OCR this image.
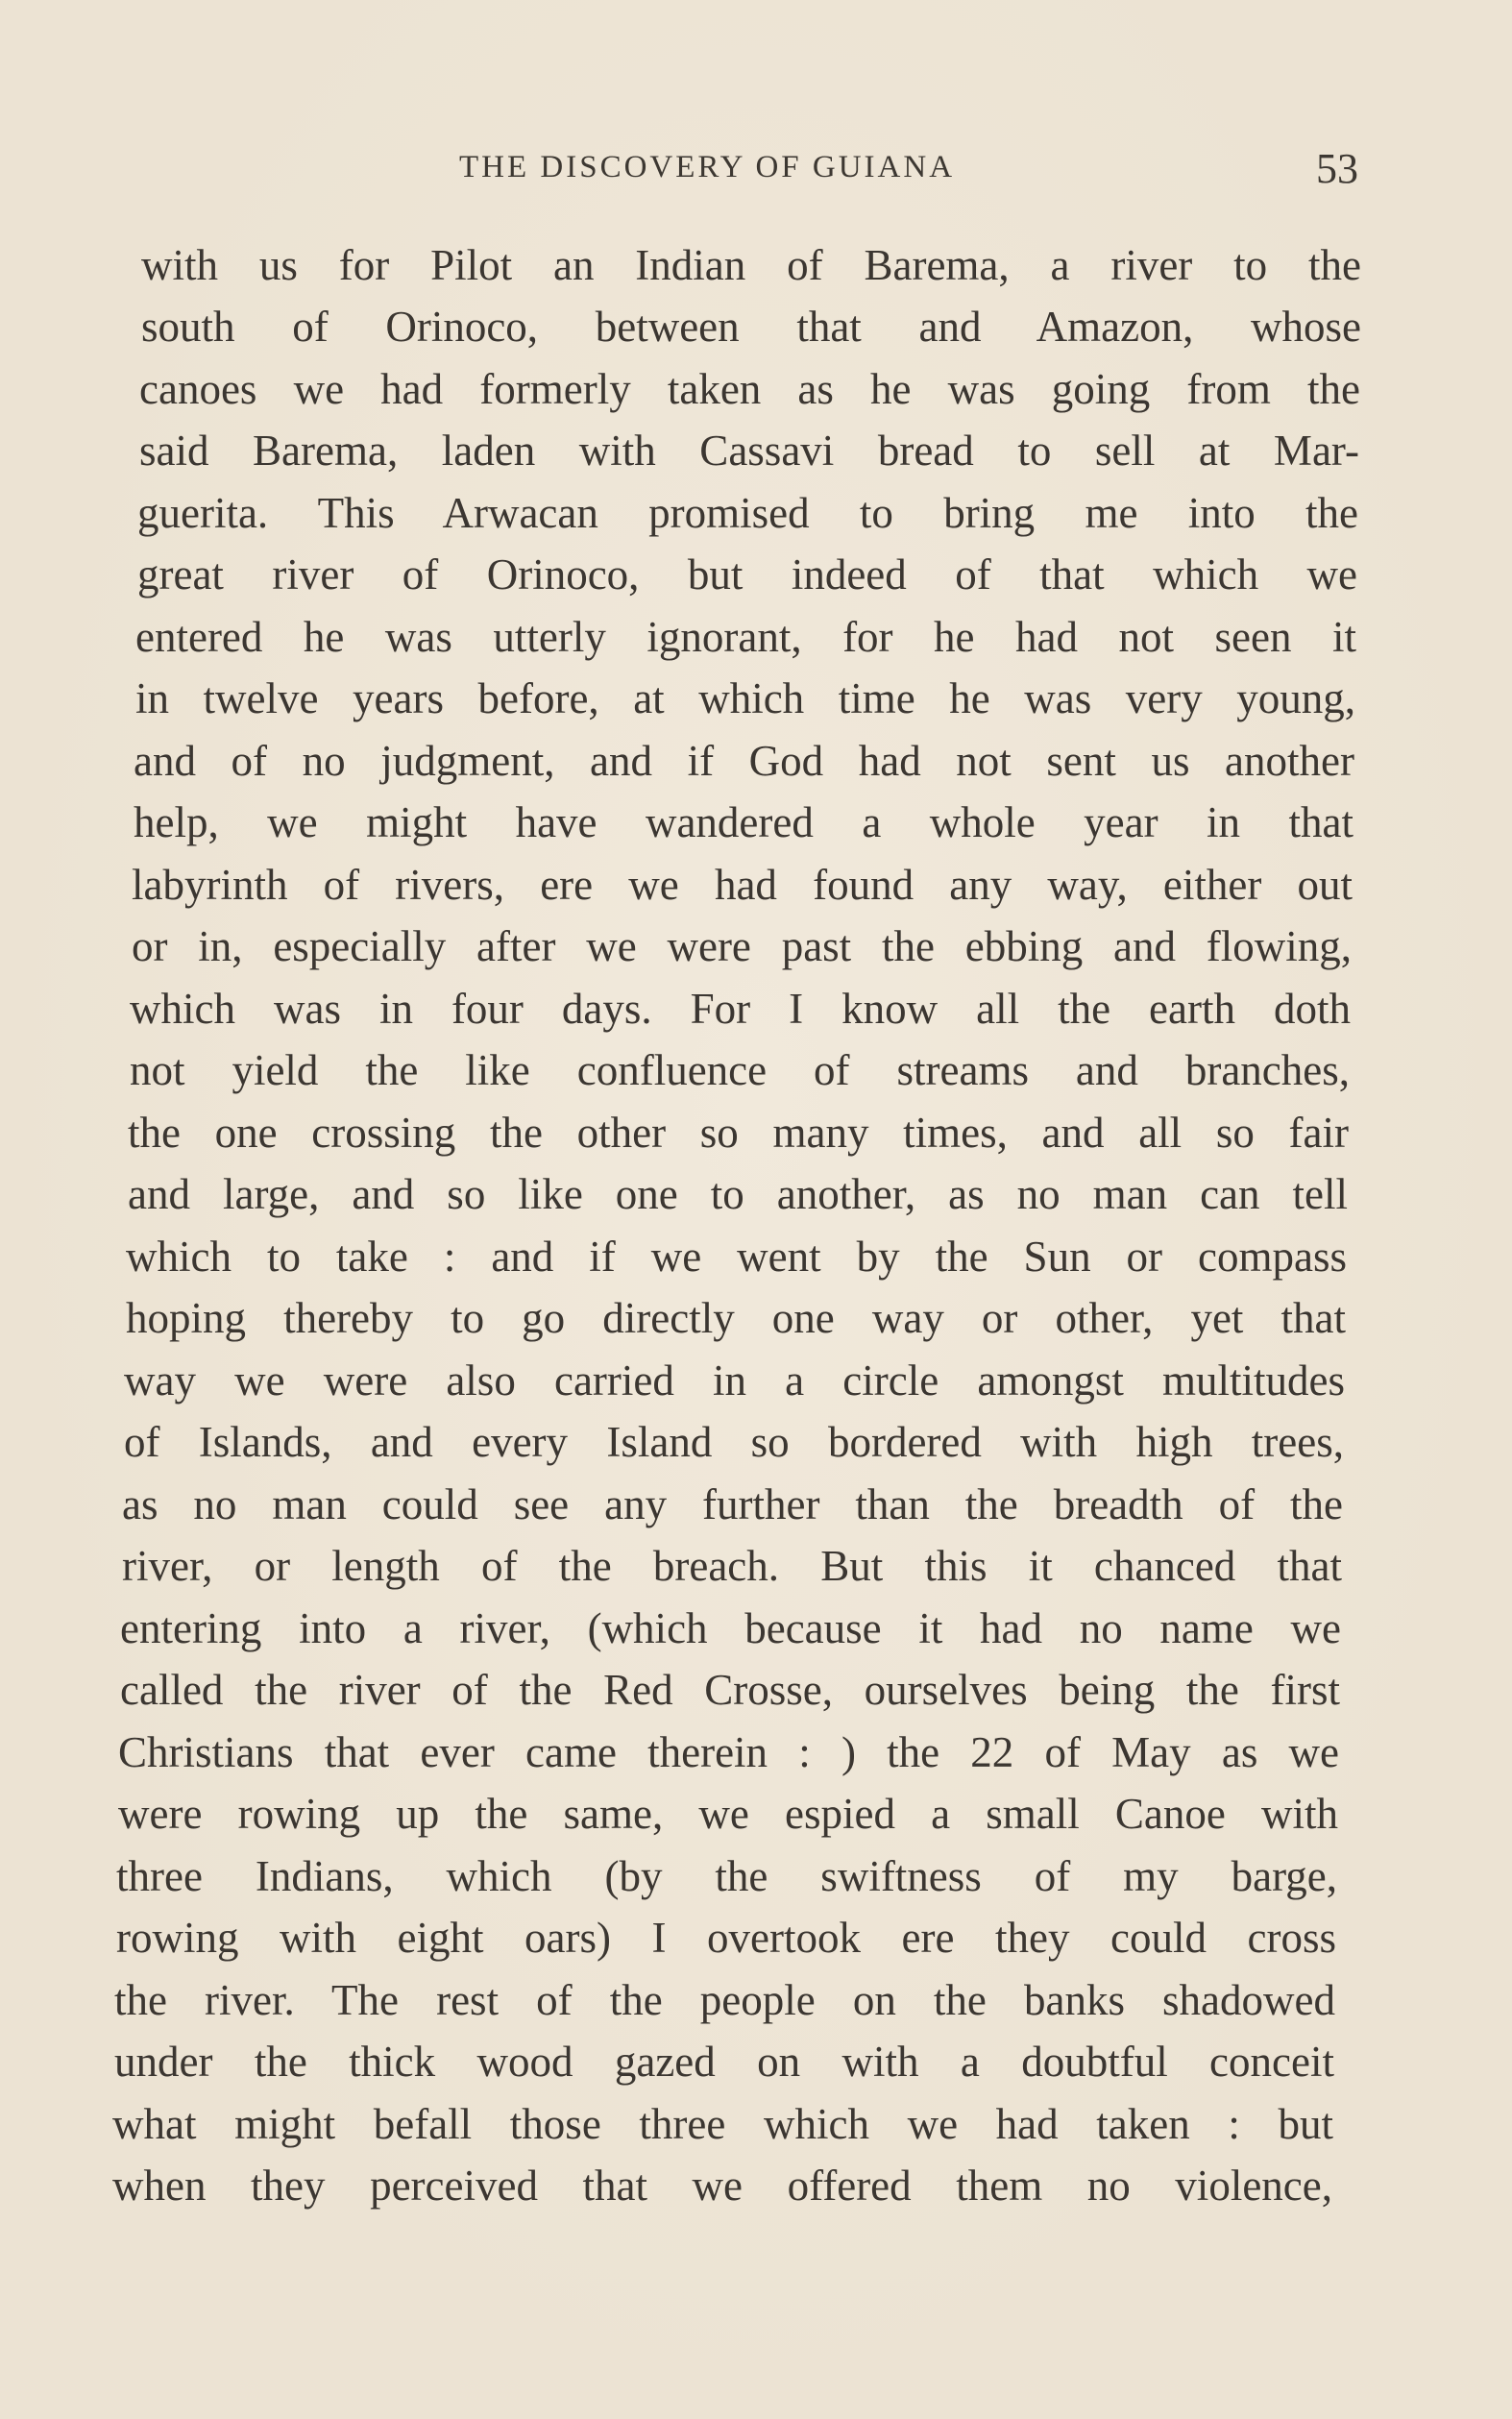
THE DISCOVERY OF GUIANA	53
with us for Pilot an Indian of Barema, a river to the
south of Orinoco, between that and Amazon, whose
canoes we had formerly taken as he was going from the
said Barema, laden with Cassavi bread to sell at Mar-
guerita. This Arwacan promised to bring me into the
great river of Orinoco, but indeed of that which we
entered he was utterly ignorant, for he had not seen it
in twelve years before, at which time he was very young,
and of no judgment, and if God had not sent us another
help, we might have wandered a whole year in that
labyrinth of rivers, ere we had found any way, either out
or in, especially after we were past the ebbing and flowing,
which was in four days. For I know all the earth doth
not yield the like confluence of streams and branches,
the one crossing the other so many times, and all so fair
and large, and so like one to another, as no man can tell
which to take : and if we went by the Sun or compass
hoping thereby to go directly one way or other, yet that
way we were also carried in a circle amongst multitudes
of Islands, and every Island so bordered with high trees,
as no man could see any further than the breadth of the
river, or length of the breach. But this it chanced that
entering into a river, (which because it had no name we
called the river of the Red Crosse, ourselves being the first
Christians that ever came therein : ) the 22 of May as we
were rowing up the same, we espied a small Canoe with
three Indians, which (by the swiftness of my barge,
rowing with eight oars) I overtook ere they could cross
the river. The rest of the people on the banks shadowed
under the thick wood gazed on with a doubtful conceit
what might befall those three which we had taken : but
when they perceived that we offered them no violence,
